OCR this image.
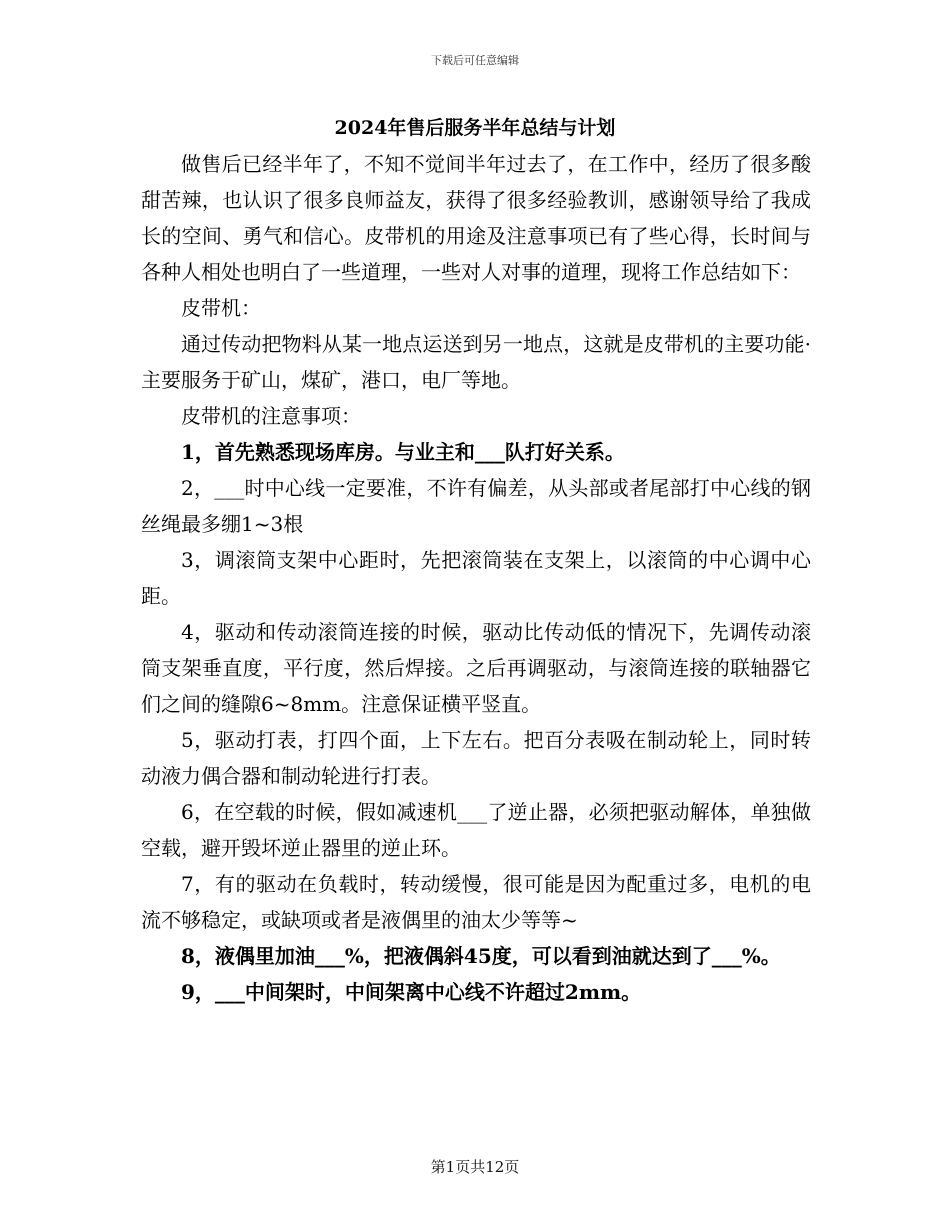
下载后可任意编辑
2024年售后服务半年总结与计划

做售后已经半年了，不知不觉间半年过去了，在工作中，经历了很多酸甜苦辣，也认识了很多良师益友，获得了很多经验教训，感谢领导给了我成长的空间、勇气和信心。皮带机的用途及注意事项已有了些心得，长时间与各种人相处也明白了一些道理，一些对人对事的道理，现将工作总结如下：

皮带机：

通过传动把物料从某一地点运送到另一地点，这就是皮带机的主要功能·主要服务于矿山，煤矿，港口，电厂等地。

皮带机的注意事项：

1，首先熟悉现场库房。与业主和___队打好关系。

2，___时中心线一定要准，不许有偏差，从头部或者尾部打中心线的钢丝绳最多绷1~3根

3，调滚筒支架中心距时，先把滚筒装在支架上，以滚筒的中心调中心距。

4，驱动和传动滚筒连接的时候，驱动比传动低的情况下，先调传动滚筒支架垂直度，平行度，然后焊接。之后再调驱动，与滚筒连接的联轴器它们之间的缝隙6~8mm。注意保证横平竖直。

5，驱动打表，打四个面，上下左右。把百分表吸在制动轮上，同时转动液力偶合器和制动轮进行打表。

6，在空载的时候，假如减速机___了逆止器，必须把驱动解体，单独做空载，避开毁坏逆止器里的逆止环。

7，有的驱动在负载时，转动缓慢，很可能是因为配重过多，电机的电流不够稳定，或缺项或者是液偶里的油太少等等~

8，液偶里加油___%，把液偶斜45度，可以看到油就达到了___%。

9，___中间架时，中间架离中心线不许超过2mm。

第1页共12页
